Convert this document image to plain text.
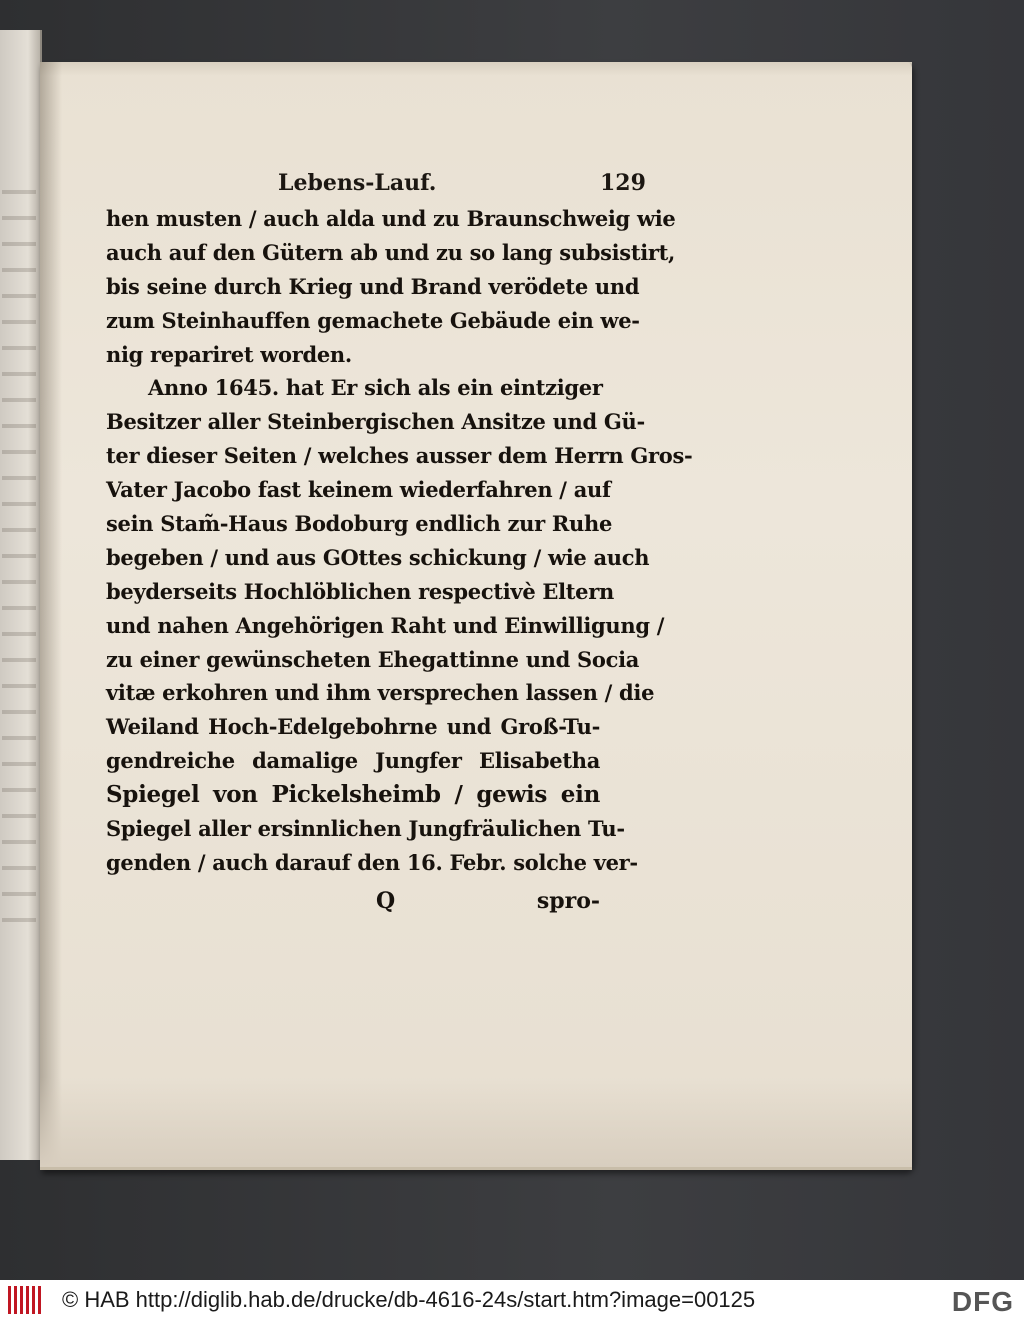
Lebens-Lauf.	129
hen musten / auch alda und zu Braunschweig wie
auch auf den Gütern ab und zu so lang subsistirt,
bis seine durch Krieg und Brand verödete und
zum Steinhauffen gemachete Gebäude ein we-
nig repariret worden.
Anno 1645. hat Er sich als ein eintziger
Besitzer aller Steinbergischen Ansitze und Gü-
ter dieser Seiten / welches ausser dem Herrn Gros-
Vater Jacobo fast keinem wiederfahren / auf
sein Stam̃-Haus Bodoburg endlich zur Ruhe
begeben / und aus GOttes schickung / wie auch
beyderseits Hochlöblichen respectivè Eltern
und nahen Angehörigen Raht und Einwilligung /
zu einer gewünscheten Ehegattinne und Socia
vitæ erkohren und ihm versprechen lassen / die
Weiland Hoch-Edelgebohrne und Groß-Tu-
gendreiche damalige Jungfer Elisabetha
Spiegel von Pickelsheimb / gewis ein
Spiegel aller ersinnlichen Jungfräulichen Tu-
genden / auch darauf den 16. Febr. solche ver-
Q	spro-
© HAB http://diglib.hab.de/drucke/db-4616-24s/start.htm?image=00125	DFG
